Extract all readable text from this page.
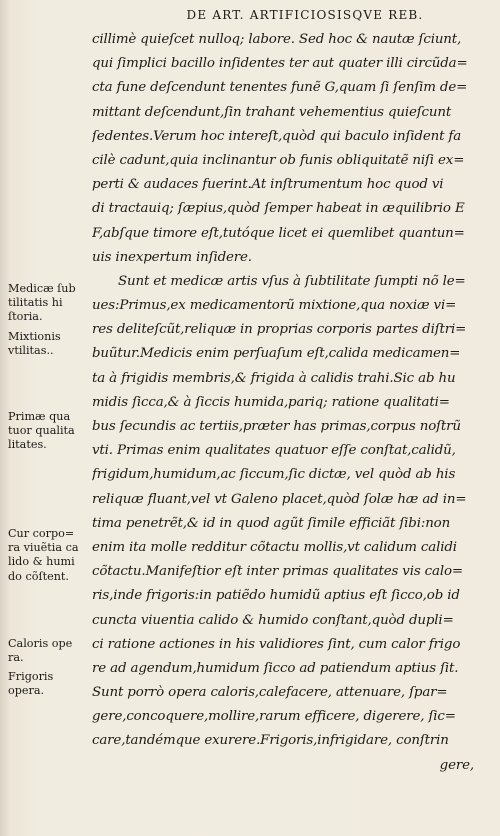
DE ART. ARTIFICIOSISQVE REB.
cillimè quieſcet nulloq; labore. Sed hoc & nautæ ſciunt,
qui ſimplici bacillo inſidentes ter aut quater illi circũda=
cta fune deſcendunt tenentes funẽ G,quam ſi ſenſim de=
mittant deſcendunt,ſin trahant vehementius quieſcunt
ſedentes.Verum hoc intereſt,quòd qui baculo inſident fa
cilè cadunt,quia inclinantur ob funis obliquitatẽ niſi ex=
perti & audaces fuerint.At inſtrumentum hoc quod vi
di tractauiq; ſæpius,quòd ſemper habeat in æquilibrio E
F,abſque timore eſt,tutóque licet ei quemlibet quantun=
uis inexpertum inſidere.
Sunt et medicæ artis vſus à ſubtilitate ſumpti nõ le=
ues:Primus,ex medicamentorũ mixtione,qua noxiæ vi=
res delitеſcũt,reliquæ in proprias corporis partes diſtri=
buũtur.Medicis enim perſuaſum eſt,calida medicamen=
ta à frigidis membris,& frigida à calidis trahi.Sic ab hu
midis ſicca,& à ſiccis humida,pariq; ratione qualitati=
bus ſecundis ac tertiis,præter has primas,corpus noſtrũ
vti. Primas enim qualitates quatuor eſſe conſtat,calidũ,
frigidum,humidum,ac ſiccum,ſic dictæ, vel quòd ab his
reliquæ fluant,vel vt Galeno placet,quòd ſolæ hæ ad in=
tima penetrẽt,& id in quod agũt ſimile efficiãt ſibi:non
enim ita molle redditur cõtactu mollis,vt calidum calidi
cõtactu.Manifeſtior eſt inter primas qualitates vis calo=
ris,inde frigoris:in patiẽdo humidũ aptius eſt ſicco,ob id
cuncta viuentia calido & humido conſtant,quòd dupli=
ci ratione actiones in his validiores ſint, cum calor frigo
re ad agendum,humidum ſicco ad patiendum aptius ſit.
Sunt porrò opera caloris,calefacere, attenuare, ſpar=
gere,concoquere,mollire,rarum efficere, digerere, ſic=
care,tandémque exurere.Frigoris,infrigidare, conſtrin
gere,
Medicæ ſub
tilitatis hi
ſtoria.
Mixtionis
vtilitas..
Primæ qua
tuor qualita
litates.
Cur corpo=
ra viuẽtia ca
lido & humi
do cõſtent.
Caloris ope
ra.
Frigoris
opera.
